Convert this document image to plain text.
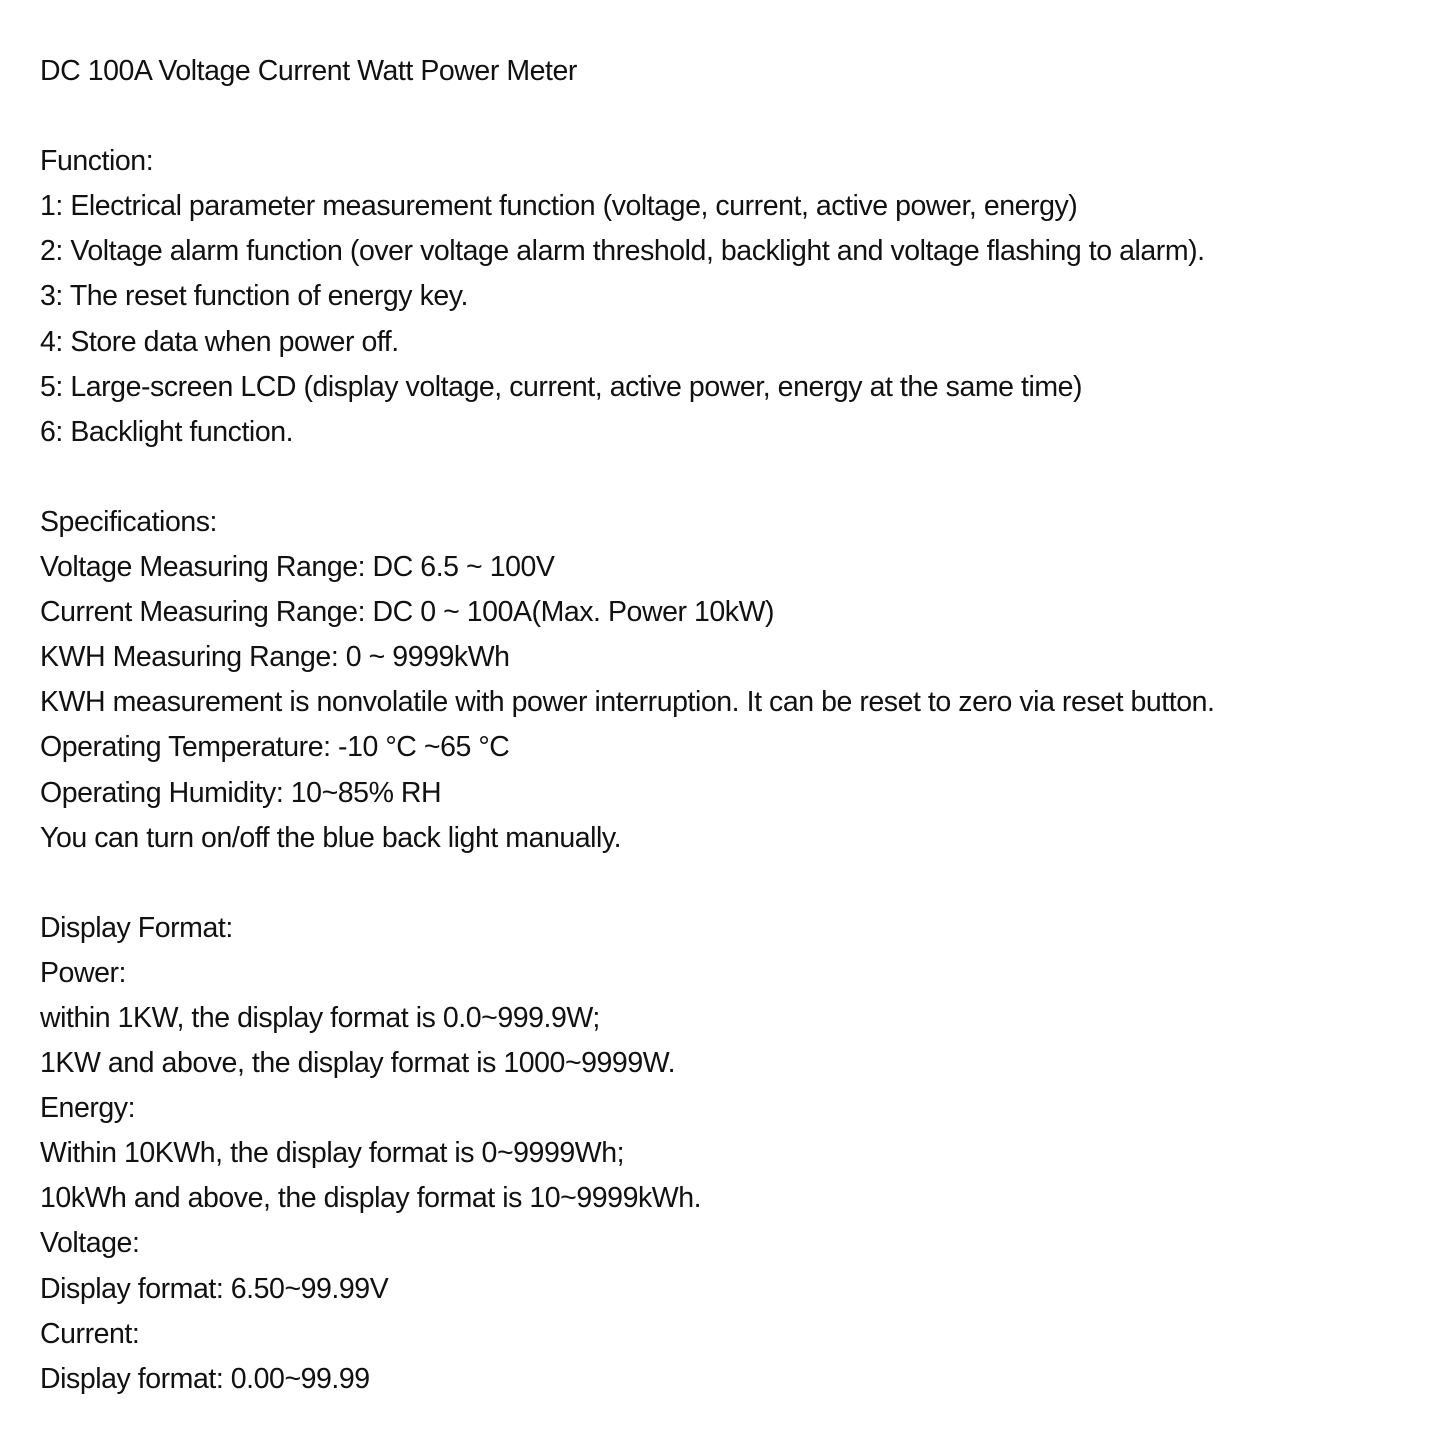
DC 100A Voltage Current Watt Power Meter
Function:
1: Electrical parameter measurement function (voltage, current, active power, energy)
2: Voltage alarm function (over voltage alarm threshold, backlight and voltage flashing to alarm).
3: The reset function of energy key.
4: Store data when power off.
5: Large-screen LCD (display voltage, current, active power, energy at the same time)
6: Backlight function.
Specifications:
Voltage Measuring Range: DC 6.5 ~ 100V
Current Measuring Range: DC 0 ~ 100A(Max. Power 10kW)
KWH Measuring Range: 0 ~ 9999kWh
KWH measurement is nonvolatile with power interruption. It can be reset to zero via reset button.
Operating Temperature: -10 °C ~65 °C
Operating Humidity: 10~85% RH
You can turn on/off the blue back light manually.
Display Format:
Power:
within 1KW, the display format is 0.0~999.9W;
1KW and above, the display format is 1000~9999W.
Energy:
Within 10KWh, the display format is 0~9999Wh;
10kWh and above, the display format is 10~9999kWh.
Voltage:
Display format: 6.50~99.99V
Current:
Display format: 0.00~99.99
